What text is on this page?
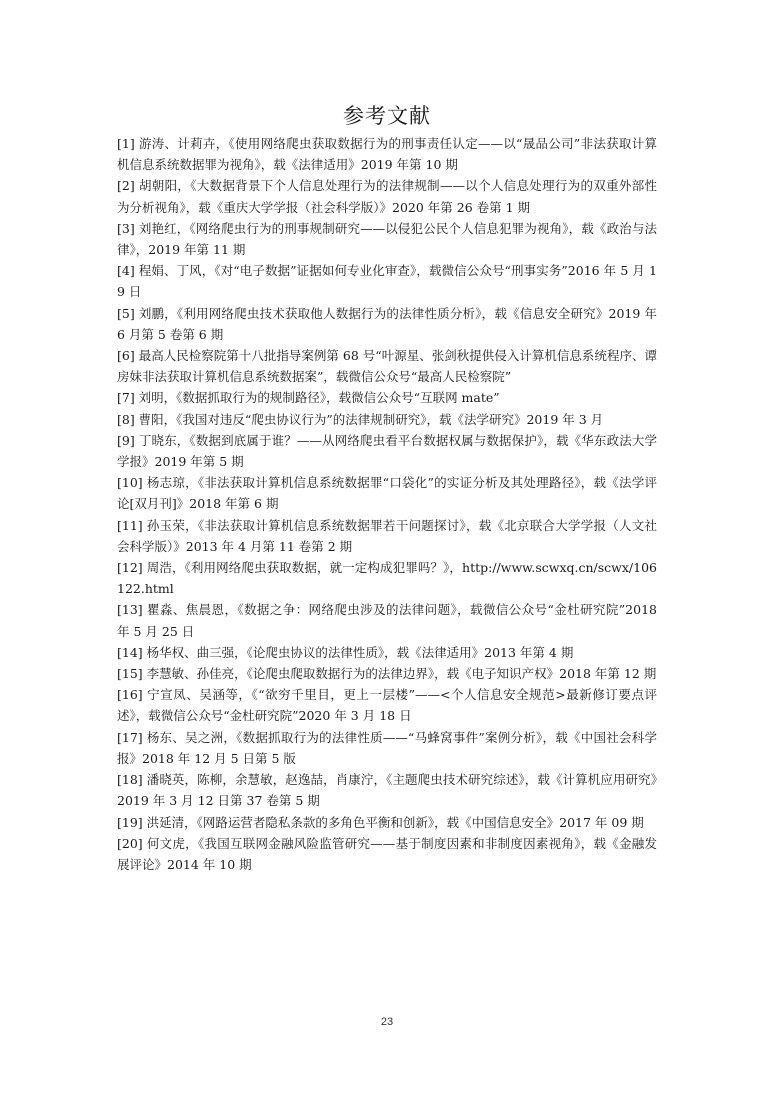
参考文献
[1] 游涛、计莉卉，《使用网络爬虫获取数据行为的刑事责任认定——以“晟品公司”非法获取计算机信息系统数据罪为视角》，载《法律适用》2019 年第 10 期
[2] 胡朝阳，《大数据背景下个人信息处理行为的法律规制——以个人信息处理行为的双重外部性为分析视角》，载《重庆大学学报（社会科学版）》2020 年第 26 卷第 1 期
[3] 刘艳红，《网络爬虫行为的刑事规制研究——以侵犯公民个人信息犯罪为视角》，载《政治与法律》，2019 年第 11 期
[4] 程娟、丁风，《对“电子数据”证据如何专业化审查》，载微信公众号“刑事实务”2016 年 5 月 19 日
[5] 刘鹏，《利用网络爬虫技术获取他人数据行为的法律性质分析》，载《信息安全研究》2019 年 6 月第 5 卷第 6 期
[6] 最高人民检察院第十八批指导案例第 68 号“叶源星、张剑秋提供侵入计算机信息系统程序、谭房妹非法获取计算机信息系统数据案”，载微信公众号“最高人民检察院”
[7] 刘明，《数据抓取行为的规制路径》，载微信公众号“互联网 mate”
[8] 曹阳，《我国对违反“爬虫协议行为”的法律规制研究》，载《法学研究》2019 年 3 月
[9] 丁晓东，《数据到底属于谁？——从网络爬虫看平台数据权属与数据保护》，载《华东政法大学学报》2019 年第 5 期
[10] 杨志琼，《非法获取计算机信息系统数据罪“口袋化”的实证分析及其处理路径》，载《法学评论[双月刊]》2018 年第 6 期
[11] 孙玉荣，《非法获取计算机信息系统数据罪若干问题探讨》，载《北京联合大学学报（人文社会科学版）》2013 年 4 月第 11 卷第 2 期
[12] 周浩，《利用网络爬虫获取数据，就一定构成犯罪吗？》，http://www.scwxq.cn/scwx/106122.html
[13] 瞿淼、焦晨恩，《数据之争：网络爬虫涉及的法律问题》，载微信公众号“金杜研究院”2018 年 5 月 25 日
[14] 杨华权、曲三强，《论爬虫协议的法律性质》，载《法律适用》2013 年第 4 期
[15] 李慧敏、孙佳亮，《论爬虫爬取数据行为的法律边界》，载《电子知识产权》2018 年第 12 期
[16] 宁宣凤、吴涵等，《“欲穷千里目，更上一层楼”——<个人信息安全规范>最新修订要点评述》，载微信公众号“金杜研究院”2020 年 3 月 18 日
[17] 杨东、吴之洲，《数据抓取行为的法律性质——“马蜂窝事件”案例分析》，载《中国社会科学报》2018 年 12 月 5 日第 5 版
[18] 潘晓英，陈柳，余慧敏，赵逸喆，肖康泞，《主题爬虫技术研究综述》，载《计算机应用研究》2019 年 3 月 12 日第 37 卷第 5 期
[19] 洪延清，《网路运营者隐私条款的多角色平衡和创新》，载《中国信息安全》2017 年 09 期
[20] 何文虎，《我国互联网金融风险监管研究——基于制度因素和非制度因素视角》，载《金融发展评论》2014 年 10 期
23
